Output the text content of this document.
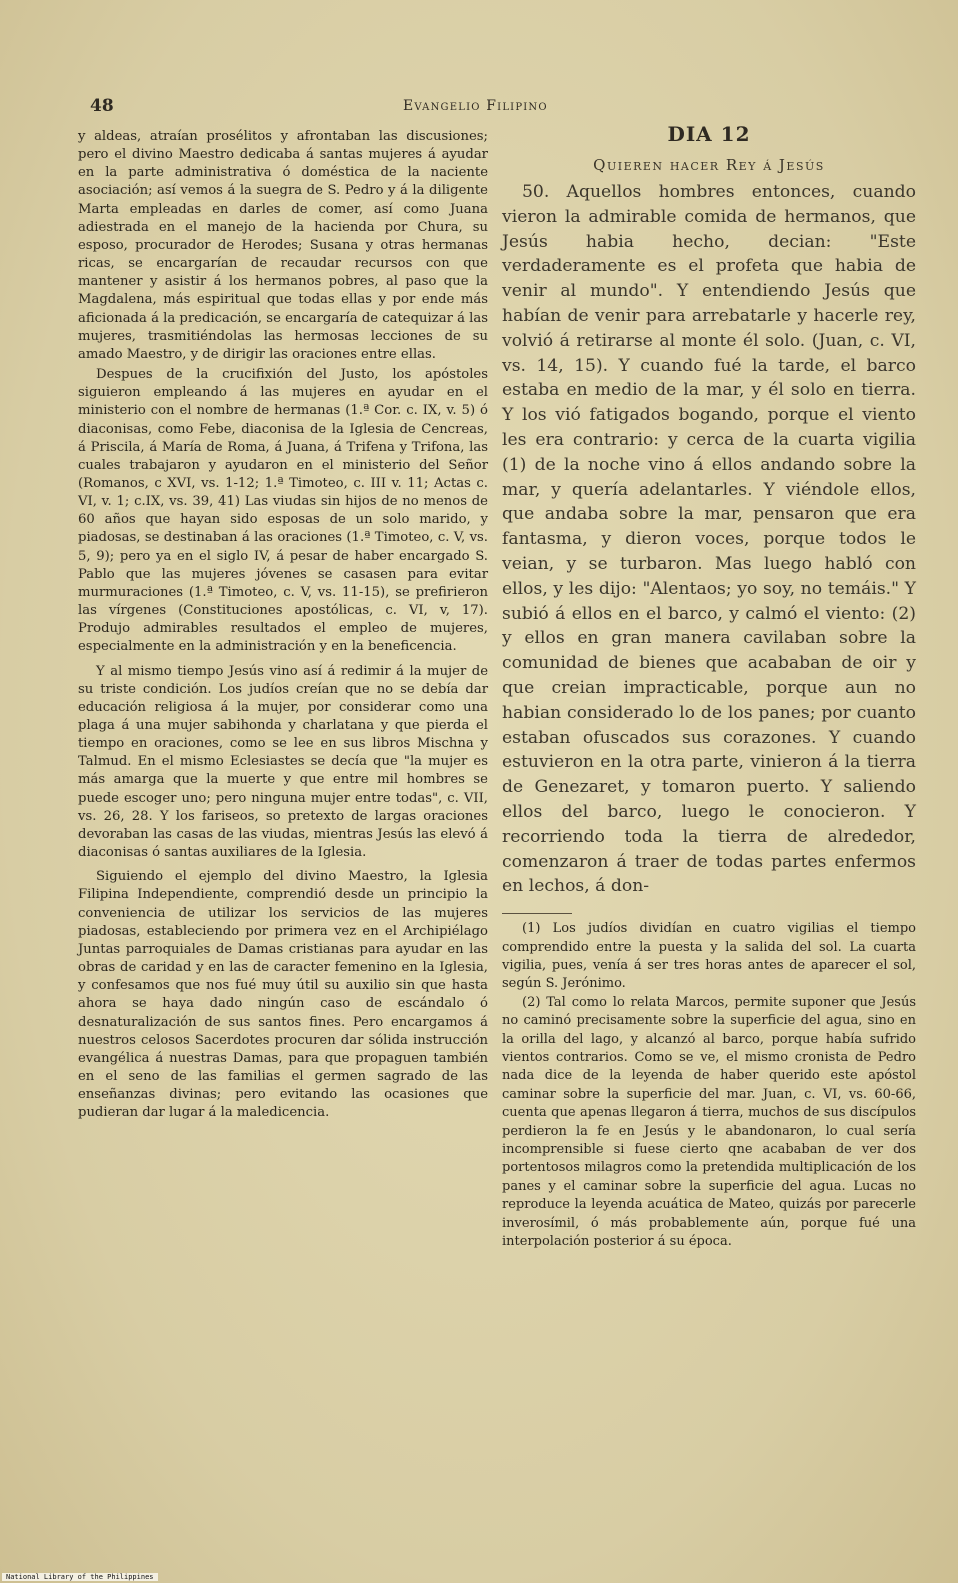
48	Evangelio Filipino

y aldeas, atraían prosélitos y afrontaban las discusiones; pero el divino Maestro dedicaba á santas mujeres á ayudar en la parte administrativa ó doméstica de la naciente asociación; así vemos á la suegra de S. Pedro y á la diligente Marta empleadas en darles de comer, así como Juana adiestrada en el manejo de la hacienda por Chura, su esposo, procurador de Herodes; Susana y otras hermanas ricas, se encargarían de recaudar recursos con que mantener y asistir á los hermanos pobres, al paso que la Magdalena, más espiritual que todas ellas y por ende más aficionada á la predicación, se encargaría de catequizar á las mujeres, trasmitiéndolas las hermosas lecciones de su amado Maestro, y de dirigir las oraciones entre ellas.

Despues de la crucifixión del Justo, los apóstoles siguieron empleando á las mujeres en ayudar en el ministerio con el nombre de hermanas (1.ª Cor. c. IX, v. 5) ó diaconisas, como Febe, diaconisa de la Iglesia de Cencreas, á Priscila, á María de Roma, á Juana, á Trifena y Trifona, las cuales trabajaron y ayudaron en el ministerio del Señor (Romanos, c XVI, vs. 1-12; 1.ª Timoteo, c. III v. 11; Actas c. VI, v. 1; c.IX, vs. 39, 41) Las viudas sin hijos de no menos de 60 años que hayan sido esposas de un solo marido, y piadosas, se destinaban á las oraciones (1.ª Timoteo, c. V, vs. 5, 9); pero ya en el siglo IV, á pesar de haber encargado S. Pablo que las mujeres jóvenes se casasen para evitar murmuraciones (1.ª Timoteo, c. V, vs. 11-15), se prefirieron las vírgenes (Constituciones apostólicas, c. VI, v, 17). Produjo admirables resultados el empleo de mujeres, especialmente en la administración y en la beneficencia.

Y al mismo tiempo Jesús vino así á redimir á la mujer de su triste condición. Los judíos creían que no se debía dar educación religiosa á la mujer, por considerar como una plaga á una mujer sabihonda y charlatana y que pierda el tiempo en oraciones, como se lee en sus libros Mischna y Talmud. En el mismo Eclesiastes se decía que "la mujer es más amarga que la muerte y que entre mil hombres se puede escoger uno; pero ninguna mujer entre todas", c. VII, vs. 26, 28. Y los fariseos, so pretexto de largas oraciones devoraban las casas de las viudas, mientras Jesús las elevó á diaconisas ó santas auxiliares de la Iglesia.

Siguiendo el ejemplo del divino Maestro, la Iglesia Filipina Independiente, comprendió desde un principio la conveniencia de utilizar los servicios de las mujeres piadosas, estableciendo por primera vez en el Archipiélago Juntas parroquiales de Damas cristianas para ayudar en las obras de caridad y en las de caracter femenino en la Iglesia, y confesamos que nos fué muy útil su auxilio sin que hasta ahora se haya dado ningún caso de escándalo ó desnaturalización de sus santos fines. Pero encargamos á nuestros celosos Sacerdotes procuren dar sólida instrucción evangélica á nuestras Damas, para que propaguen también en el seno de las familias el germen sagrado de las enseñanzas divinas; pero evitando las ocasiones que pudieran dar lugar á la maledicencia.

DIA 12
Quieren hacer Rey á Jesús

50. Aquellos hombres entonces, cuando vieron la admirable comida de hermanos, que Jesús habia hecho, decian: "Este verdaderamente es el profeta que habia de venir al mundo". Y entendiendo Jesús que habían de venir para arrebatarle y hacerle rey, volvió á retirarse al monte él solo. (Juan, c. VI, vs. 14, 15). Y cuando fué la tarde, el barco estaba en medio de la mar, y él solo en tierra. Y los vió fatigados bogando, porque el viento les era contrario: y cerca de la cuarta vigilia (1) de la noche vino á ellos andando sobre la mar, y quería adelantarles. Y viéndole ellos, que andaba sobre la mar, pensaron que era fantasma, y dieron voces, porque todos le veian, y se turbaron. Mas luego habló con ellos, y les dijo: "Alentaos; yo soy, no temáis." Y subió á ellos en el barco, y calmó el viento: (2) y ellos en gran manera cavilaban sobre la comunidad de bienes que acababan de oir y que creian impracticable, porque aun no habian considerado lo de los panes; por cuanto estaban ofuscados sus corazones. Y cuando estuvieron en la otra parte, vinieron á la tierra de Genezaret, y tomaron puerto. Y saliendo ellos del barco, luego le conocieron. Y recorriendo toda la tierra de alrededor, comenzaron á traer de todas partes enfermos en lechos, á don-

(1) Los judíos dividían en cuatro vigilias el tiempo comprendido entre la puesta y la salida del sol. La cuarta vigilia, pues, venía á ser tres horas antes de aparecer el sol, según S. Jerónimo.

(2) Tal como lo relata Marcos, permite suponer que Jesús no caminó precisamente sobre la superficie del agua, sino en la orilla del lago, y alcanzó al barco, porque había sufrido vientos contrarios. Como se ve, el mismo cronista de Pedro nada dice de la leyenda de haber querido este apóstol caminar sobre la superficie del mar. Juan, c. VI, vs. 60-66, cuenta que apenas llegaron á tierra, muchos de sus discípulos perdieron la fe en Jesús y le abandonaron, lo cual sería incomprensible si fuese cierto qne acababan de ver dos portentosos milagros como la pretendida multiplicación de los panes y el caminar sobre la superficie del agua. Lucas no reproduce la leyenda acuática de Mateo, quizás por parecerle inverosímil, ó más probablemente aún, porque fué una interpolación posterior á su época.

National Library of the Philippines
